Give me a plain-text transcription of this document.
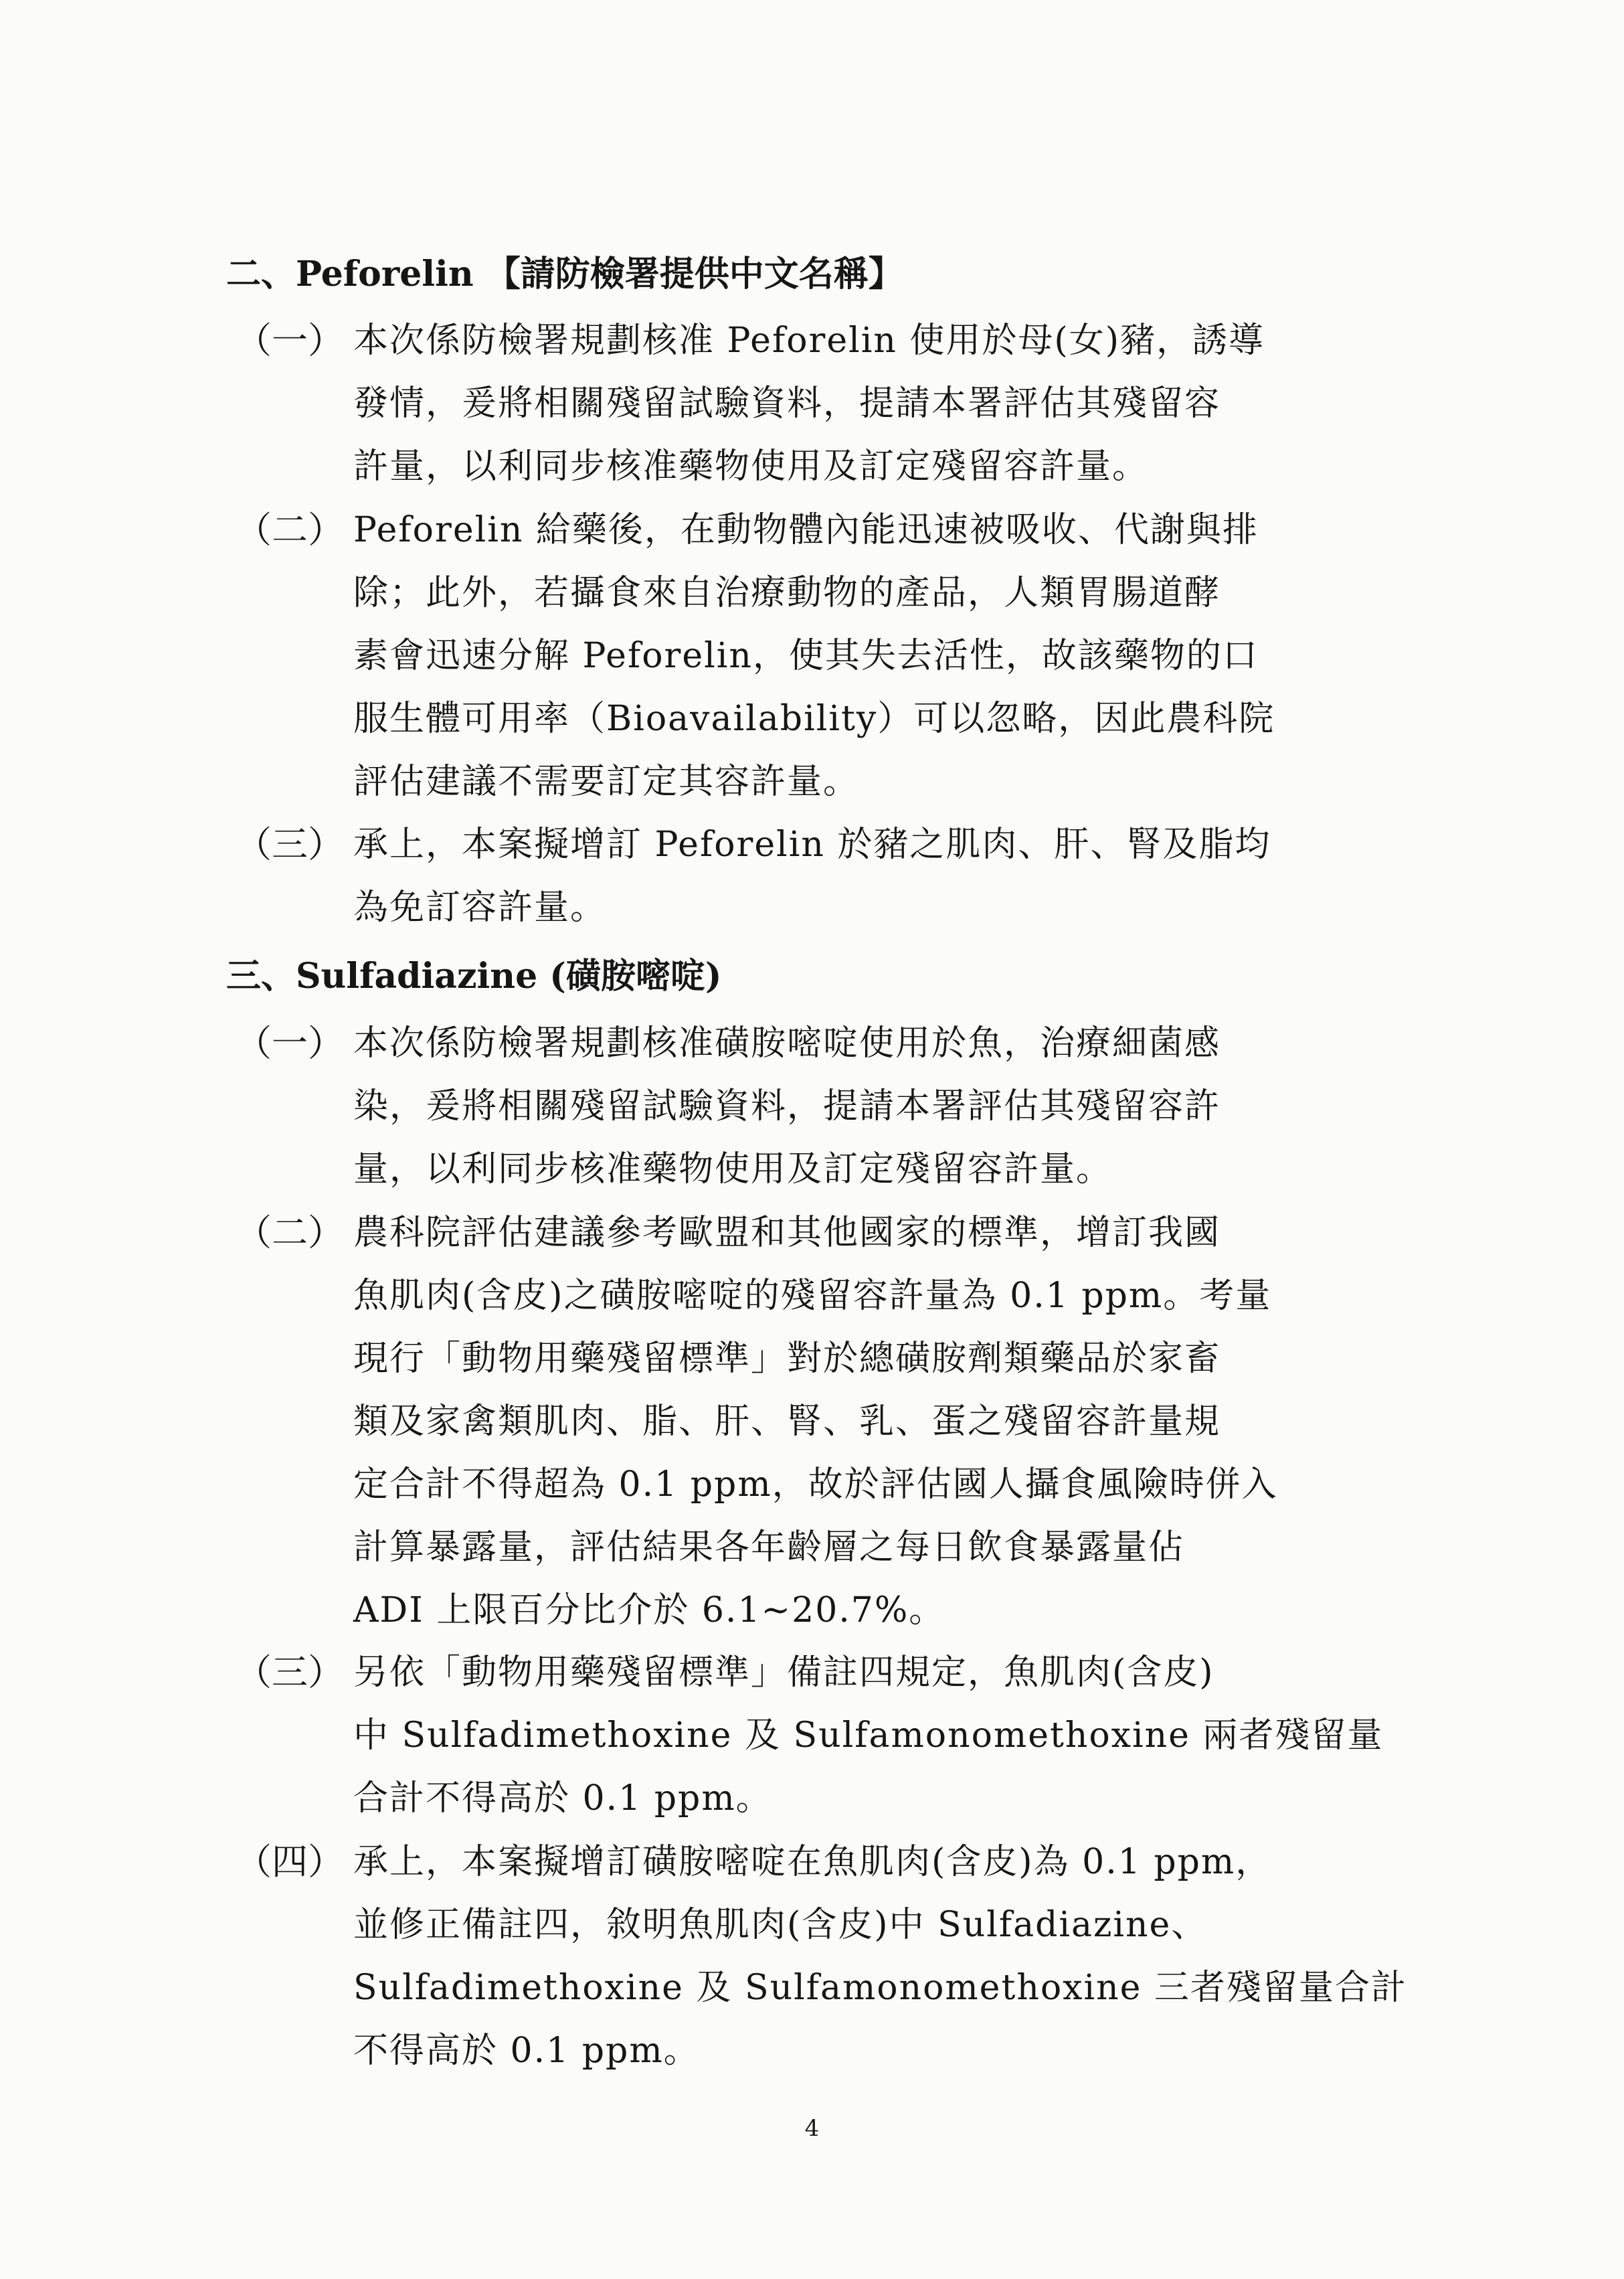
二、Peforelin 【請防檢署提供中文名稱】
（一） 本次係防檢署規劃核准 Peforelin 使用於母(女)豬，誘導
發情，爰將相關殘留試驗資料，提請本署評估其殘留容
許量，以利同步核准藥物使用及訂定殘留容許量。
（二） Peforelin 給藥後，在動物體內能迅速被吸收、代謝與排
除；此外，若攝食來自治療動物的產品，人類胃腸道酵
素會迅速分解 Peforelin，使其失去活性，故該藥物的口
服生體可用率（Bioavailability）可以忽略，因此農科院
評估建議不需要訂定其容許量。
（三） 承上，本案擬增訂 Peforelin 於豬之肌肉、肝、腎及脂均
為免訂容許量。
三、Sulfadiazine (磺胺嘧啶)
（一） 本次係防檢署規劃核准磺胺嘧啶使用於魚，治療細菌感
染，爰將相關殘留試驗資料，提請本署評估其殘留容許
量，以利同步核准藥物使用及訂定殘留容許量。
（二） 農科院評估建議參考歐盟和其他國家的標準，增訂我國
魚肌肉(含皮)之磺胺嘧啶的殘留容許量為 0.1 ppm。考量
現行「動物用藥殘留標準」對於總磺胺劑類藥品於家畜
類及家禽類肌肉、脂、肝、腎、乳、蛋之殘留容許量規
定合計不得超為 0.1 ppm，故於評估國人攝食風險時併入
計算暴露量，評估結果各年齡層之每日飲食暴露量佔
ADI 上限百分比介於 6.1~20.7%。
（三） 另依「動物用藥殘留標準」備註四規定，魚肌肉(含皮)
中 Sulfadimethoxine 及 Sulfamonomethoxine 兩者殘留量
合計不得高於 0.1 ppm。
（四） 承上，本案擬增訂磺胺嘧啶在魚肌肉(含皮)為 0.1 ppm，
並修正備註四，敘明魚肌肉(含皮)中 Sulfadiazine、
Sulfadimethoxine 及 Sulfamonomethoxine 三者殘留量合計
不得高於 0.1 ppm。
4
